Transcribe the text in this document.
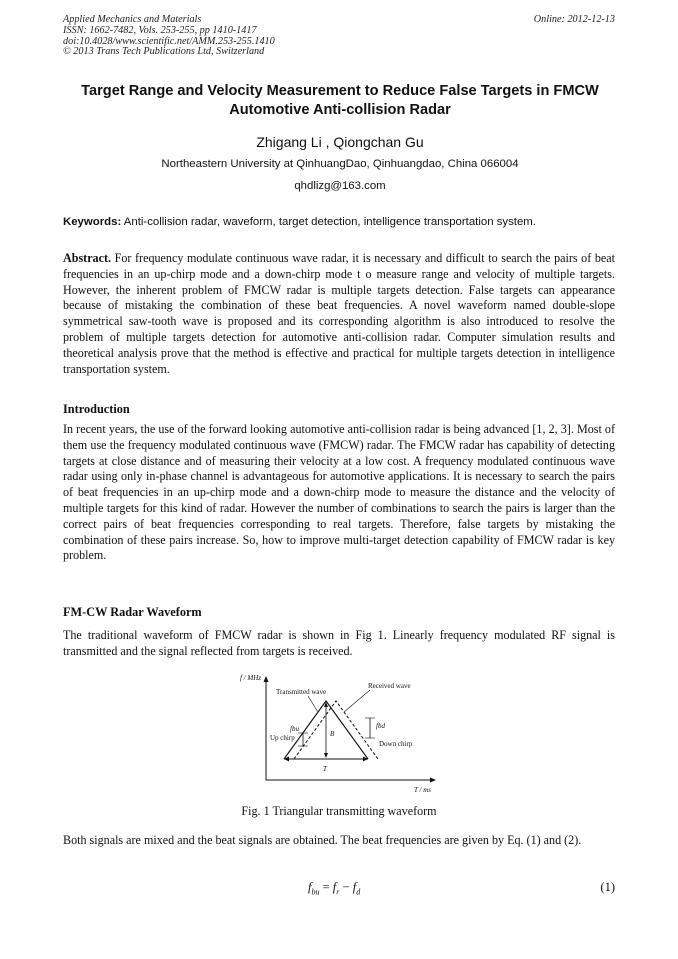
Applied Mechanics and Materials
ISSN: 1662-7482, Vols. 253-255, pp 1410-1417
doi:10.4028/www.scientific.net/AMM.253-255.1410
© 2013 Trans Tech Publications Ltd, Switzerland
Online: 2012-12-13
Target Range and Velocity Measurement to Reduce False Targets in FMCW Automotive Anti-collision Radar
Zhigang Li , Qiongchan Gu
Northeastern University at QinhuangDao, Qinhuangdao, China 066004
qhdlizg@163.com
Keywords: Anti-collision radar, waveform, target detection, intelligence transportation system.
Abstract. For frequency modulate continuous wave radar, it is necessary and difficult to search the pairs of beat frequencies in an up-chirp mode and a down-chirp mode t o measure range and velocity of multiple targets. However, the inherent problem of FMCW radar is multiple targets detection. False targets can appearance because of mistaking the combination of these beat frequencies. A novel waveform named double-slope symmetrical saw-tooth wave is proposed and its corresponding algorithm is also introduced to resolve the problem of multiple targets detection for automotive anti-collision radar. Computer simulation results and theoretical analysis prove that the method is effective and practical for multiple targets detection in intelligence transportation system.
Introduction
In recent years, the use of the forward looking automotive anti-collision radar is being advanced [1, 2, 3]. Most of them use the frequency modulated continuous wave (FMCW) radar. The FMCW radar has capability of detecting targets at close distance and of measuring their velocity at a low cost. A frequency modulated continuous wave radar using only in-phase channel is advantageous for automotive applications. It is necessary to search the pairs of beat frequencies in an up-chirp mode and a down-chirp mode to measure the distance and the velocity of multiple targets for this kind of radar. However the number of combinations to search the pairs is larger than the correct pairs of beat frequencies corresponding to real targets. Therefore, false targets by mistaking the combination of these pairs increase. So, how to improve multi-target detection capability of FMCW radar is key problem.
FM-CW Radar Waveform
The traditional waveform of FMCW radar is shown in Fig 1. Linearly frequency modulated RF signal is transmitted and the signal reflected from targets is received.
f / MHz
T / ms
B
T
fbu
Up chirp
fbd
Down chirp
Transmitted wave
Received wave
Fig. 1 Triangular transmitting waveform
Both signals are mixed and the beat signals are obtained. The beat frequencies are given by Eq. (1) and (2).
$f_{bu} = f_r - f_d$	(1)
